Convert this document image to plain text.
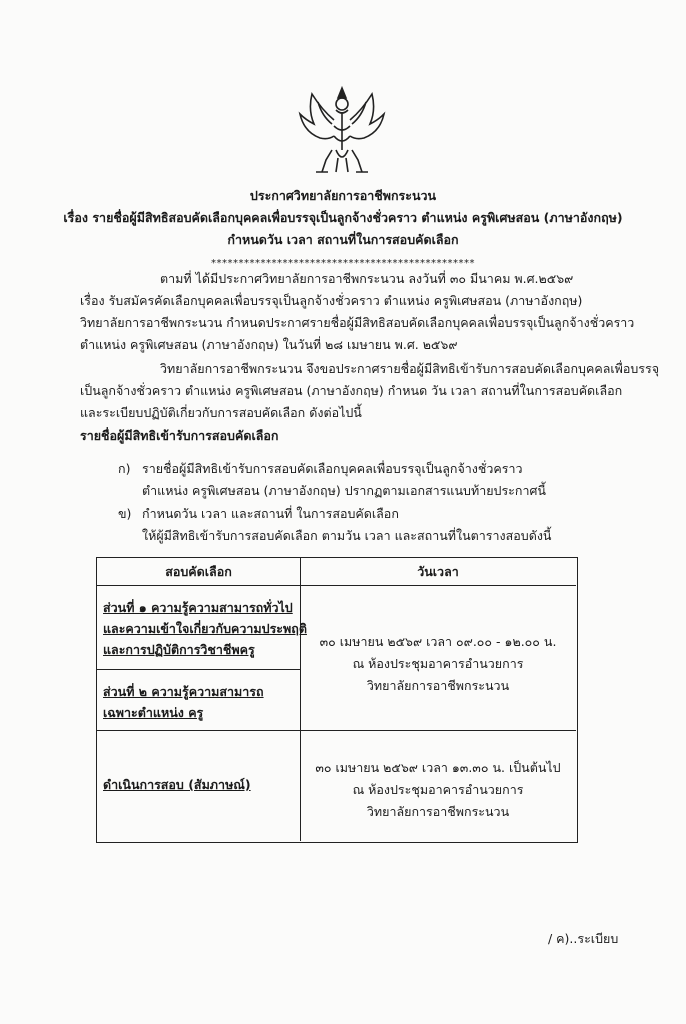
ประกาศวิทยาลัยการอาชีพกระนวน
เรื่อง รายชื่อผู้มีสิทธิสอบคัดเลือกบุคคลเพื่อบรรจุเป็นลูกจ้างชั่วคราว ตำแหน่ง ครูพิเศษสอน (ภาษาอังกฤษ)
กำหนดวัน เวลา สถานที่ในการสอบคัดเลือก
************************************************
ตามที่ ได้มีประกาศวิทยาลัยการอาชีพกระนวน ลงวันที่ ๓๐ มีนาคม พ.ศ.๒๕๖๙
เรื่อง รับสมัครคัดเลือกบุคคลเพื่อบรรจุเป็นลูกจ้างชั่วคราว ตำแหน่ง ครูพิเศษสอน (ภาษาอังกฤษ)
วิทยาลัยการอาชีพกระนวน กำหนดประกาศรายชื่อผู้มีสิทธิสอบคัดเลือกบุคคลเพื่อบรรจุเป็นลูกจ้างชั่วคราว
ตำแหน่ง ครูพิเศษสอน (ภาษาอังกฤษ) ในวันที่ ๒๘ เมษายน พ.ศ. ๒๕๖๙
วิทยาลัยการอาชีพกระนวน จึงขอประกาศรายชื่อผู้มีสิทธิเข้ารับการสอบคัดเลือกบุคคลเพื่อบรรจุ
เป็นลูกจ้างชั่วคราว ตำแหน่ง ครูพิเศษสอน (ภาษาอังกฤษ) กำหนด วัน เวลา สถานที่ในการสอบคัดเลือก
และระเบียบปฏิบัติเกี่ยวกับการสอบคัดเลือก ดังต่อไปนี้
รายชื่อผู้มีสิทธิเข้ารับการสอบคัดเลือก
ก) รายชื่อผู้มีสิทธิเข้ารับการสอบคัดเลือกบุคคลเพื่อบรรจุเป็นลูกจ้างชั่วคราว
ตำแหน่ง ครูพิเศษสอน (ภาษาอังกฤษ) ปรากฏตามเอกสารแนบท้ายประกาศนี้
ข) กำหนดวัน เวลา และสถานที่ ในการสอบคัดเลือก
ให้ผู้มีสิทธิเข้ารับการสอบคัดเลือก ตามวัน เวลา และสถานที่ในตารางสอบดังนี้
สอบคัดเลือก	วันเวลา
ส่วนที่ ๑ ความรู้ความสามารถทั่วไป
และความเข้าใจเกี่ยวกับความประพฤติ
และการปฏิบัติการวิชาชีพครู
ส่วนที่ ๒ ความรู้ความสามารถ
เฉพาะตำแหน่ง ครู
๓๐ เมษายน ๒๕๖๙ เวลา ๐๙.๐๐ - ๑๒.๐๐ น.
ณ ห้องประชุมอาคารอำนวยการ
วิทยาลัยการอาชีพกระนวน
ดำเนินการสอบ (สัมภาษณ์)
๓๐ เมษายน ๒๕๖๙ เวลา ๑๓.๓๐ น. เป็นต้นไป
ณ ห้องประชุมอาคารอำนวยการ
วิทยาลัยการอาชีพกระนวน
/ ค)..ระเบียบ
